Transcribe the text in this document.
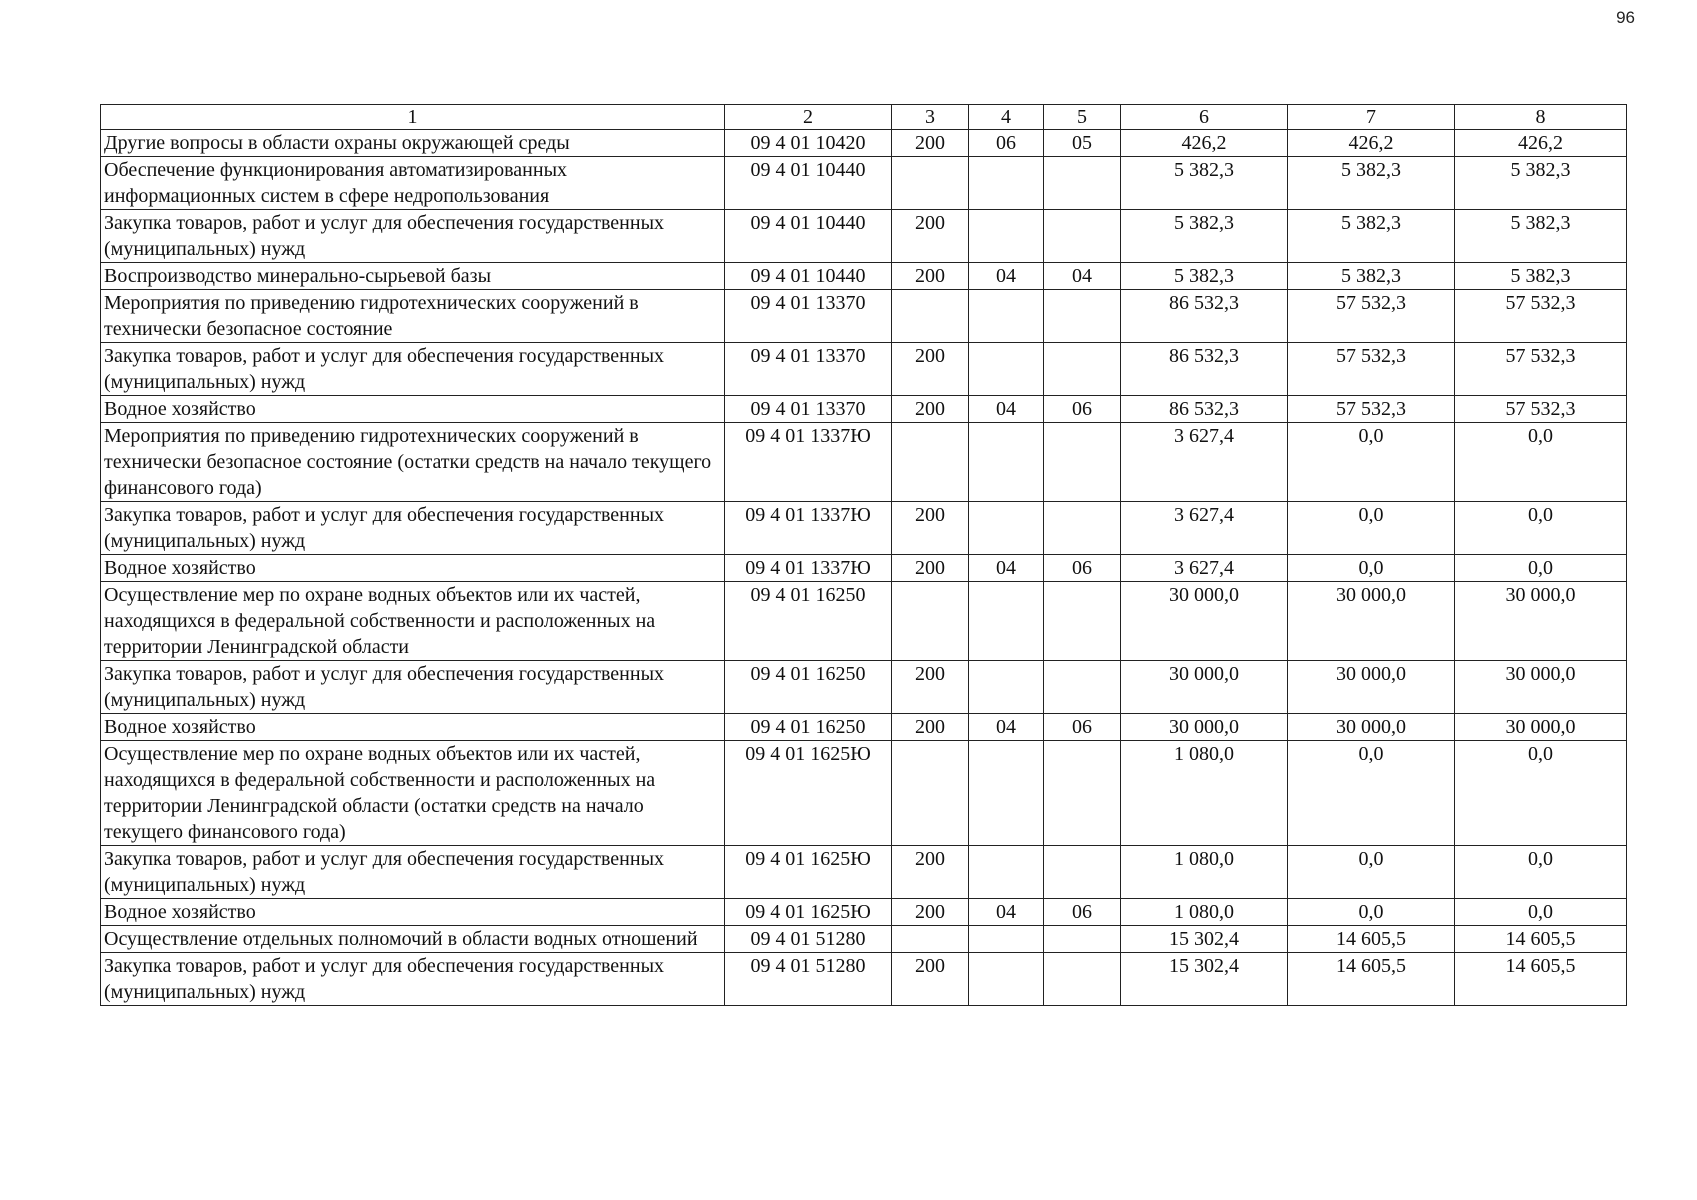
96
1	2	3	4	5	6	7	8
Другие вопросы в области охраны окружающей среды	09 4 01 10420	200	06	05	426,2	426,2	426,2
Обеспечение функционирования автоматизированных информационных систем в сфере недропользования	09 4 01 10440				5 382,3	5 382,3	5 382,3
Закупка товаров, работ и услуг для обеспечения государственных (муниципальных) нужд	09 4 01 10440	200			5 382,3	5 382,3	5 382,3
Воспроизводство минерально-сырьевой базы	09 4 01 10440	200	04	04	5 382,3	5 382,3	5 382,3
Мероприятия по приведению гидротехнических сооружений в технически безопасное состояние	09 4 01 13370				86 532,3	57 532,3	57 532,3
Закупка товаров, работ и услуг для обеспечения государственных (муниципальных) нужд	09 4 01 13370	200			86 532,3	57 532,3	57 532,3
Водное хозяйство	09 4 01 13370	200	04	06	86 532,3	57 532,3	57 532,3
Мероприятия по приведению гидротехнических сооружений в технически безопасное состояние (остатки средств на начало текущего финансового года)	09 4 01 1337Ю				3 627,4	0,0	0,0
Закупка товаров, работ и услуг для обеспечения государственных (муниципальных) нужд	09 4 01 1337Ю	200			3 627,4	0,0	0,0
Водное хозяйство	09 4 01 1337Ю	200	04	06	3 627,4	0,0	0,0
Осуществление мер по охране водных объектов или их частей, находящихся в федеральной собственности и расположенных на территории Ленинградской области	09 4 01 16250				30 000,0	30 000,0	30 000,0
Закупка товаров, работ и услуг для обеспечения государственных (муниципальных) нужд	09 4 01 16250	200			30 000,0	30 000,0	30 000,0
Водное хозяйство	09 4 01 16250	200	04	06	30 000,0	30 000,0	30 000,0
Осуществление мер по охране водных объектов или их частей, находящихся в федеральной собственности и расположенных на территории Ленинградской области (остатки средств на начало текущего финансового года)	09 4 01 1625Ю				1 080,0	0,0	0,0
Закупка товаров, работ и услуг для обеспечения государственных (муниципальных) нужд	09 4 01 1625Ю	200			1 080,0	0,0	0,0
Водное хозяйство	09 4 01 1625Ю	200	04	06	1 080,0	0,0	0,0
Осуществление отдельных полномочий в области водных отношений	09 4 01 51280				15 302,4	14 605,5	14 605,5
Закупка товаров, работ и услуг для обеспечения государственных (муниципальных) нужд	09 4 01 51280	200			15 302,4	14 605,5	14 605,5
